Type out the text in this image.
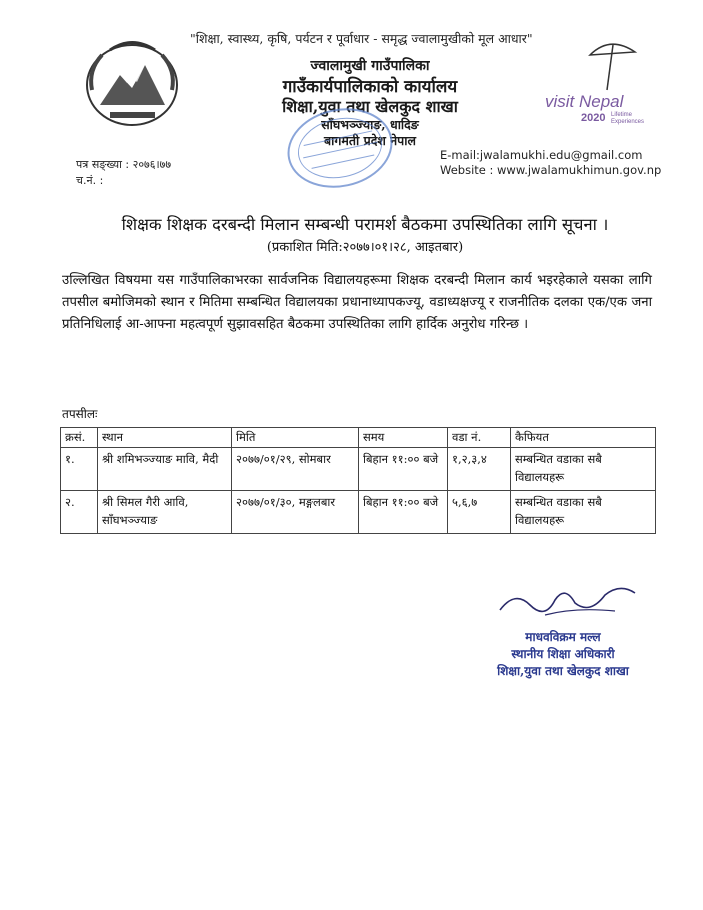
"शिक्षा, स्वास्थ्य, कृषि, पर्यटन र पूर्वाधार - समृद्ध ज्वालामुखीको मूल आधार"
ज्वालामुखी गाउँपालिका
गाउँकार्यपालिकाको कार्यालय
शिक्षा,युवा तथा खेलकुद शाखा
साँघभञ्ज्याङ, धादिङ
बागमती प्रदेश नेपाल
visit Nepal
2020 Lifetime Experiences
पत्र सङ्ख्या : २०७६।७७
च.नं. :
E-mail:jwalamukhi.edu@gmail.com
Website : www.jwalamukhimun.gov.np
शिक्षक शिक्षक दरबन्दी मिलान सम्बन्धी परामर्श बैठकमा उपस्थितिका लागि सूचना ।
(प्रकाशित मिति:२०७७।०१।२८, आइतबार)
उल्लिखित विषयमा यस गाउँपालिकाभरका सार्वजनिक विद्यालयहरूमा शिक्षक दरबन्दी मिलान कार्य भइरहेकाले यसका लागि तपसील बमोजिमको स्थान र मितिमा सम्बन्धित विद्यालयका प्रधानाध्यापकज्यू, वडाध्यक्षज्यू र राजनीतिक दलका एक/एक जना प्रतिनिधिलाई आ-आफ्ना महत्वपूर्ण सुझावसहित बैठकमा उपस्थितिका लागि हार्दिक अनुरोध गरिन्छ ।
तपसीलः
क्रसं.	स्थान	मिति	समय	वडा नं.	कैफियत
१.	श्री शमिभञ्ज्याङ मावि, मैदी	२०७७/०१/२९, सोमबार	बिहान ११:०० बजे	१,२,३,४	सम्बन्धित वडाका सबै विद्यालयहरू
२.	श्री सिमल गैरी आवि, साँघभञ्ज्याङ	२०७७/०१/३०, मङ्गलबार	बिहान ११:०० बजे	५,६,७	सम्बन्धित वडाका सबै विद्यालयहरू
माधवविक्रम मल्ल
स्थानीय शिक्षा अधिकारी
शिक्षा,युवा तथा खेलकुद शाखा
